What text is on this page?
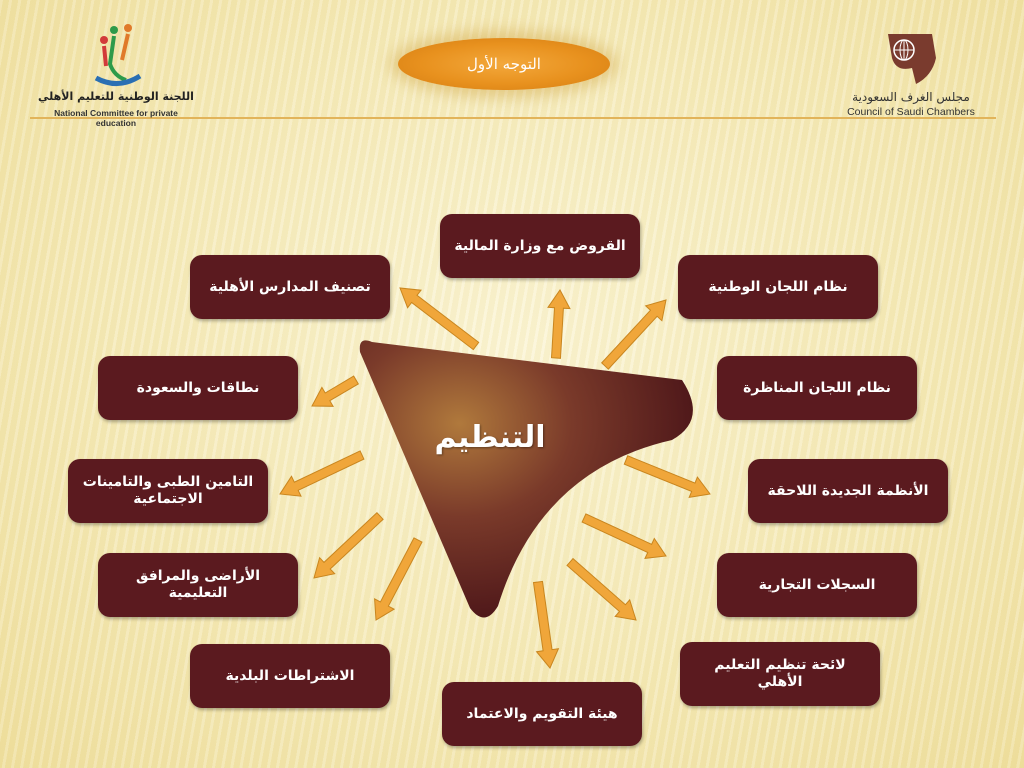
اللجنة الوطنية للتعليم الأهلي
National Committee for private education
التوجه الأول
مجلس الغرف السعودية
Council of Saudi Chambers
التنظيم
القروض مع وزارة المالية
نظام اللجان الوطنية
نظام اللجان المناظرة
الأنظمة الجديدة اللاحقة
السجلات التجارية
لائحة تنظيم التعليم الأهلي
هيئة التقويم والاعتماد
الاشتراطات البلدية
الأراضى والمرافق التعليمية
التامين الطبى والتامينات الاجتماعية
نطاقات والسعودة
تصنيف المدارس الأهلية
